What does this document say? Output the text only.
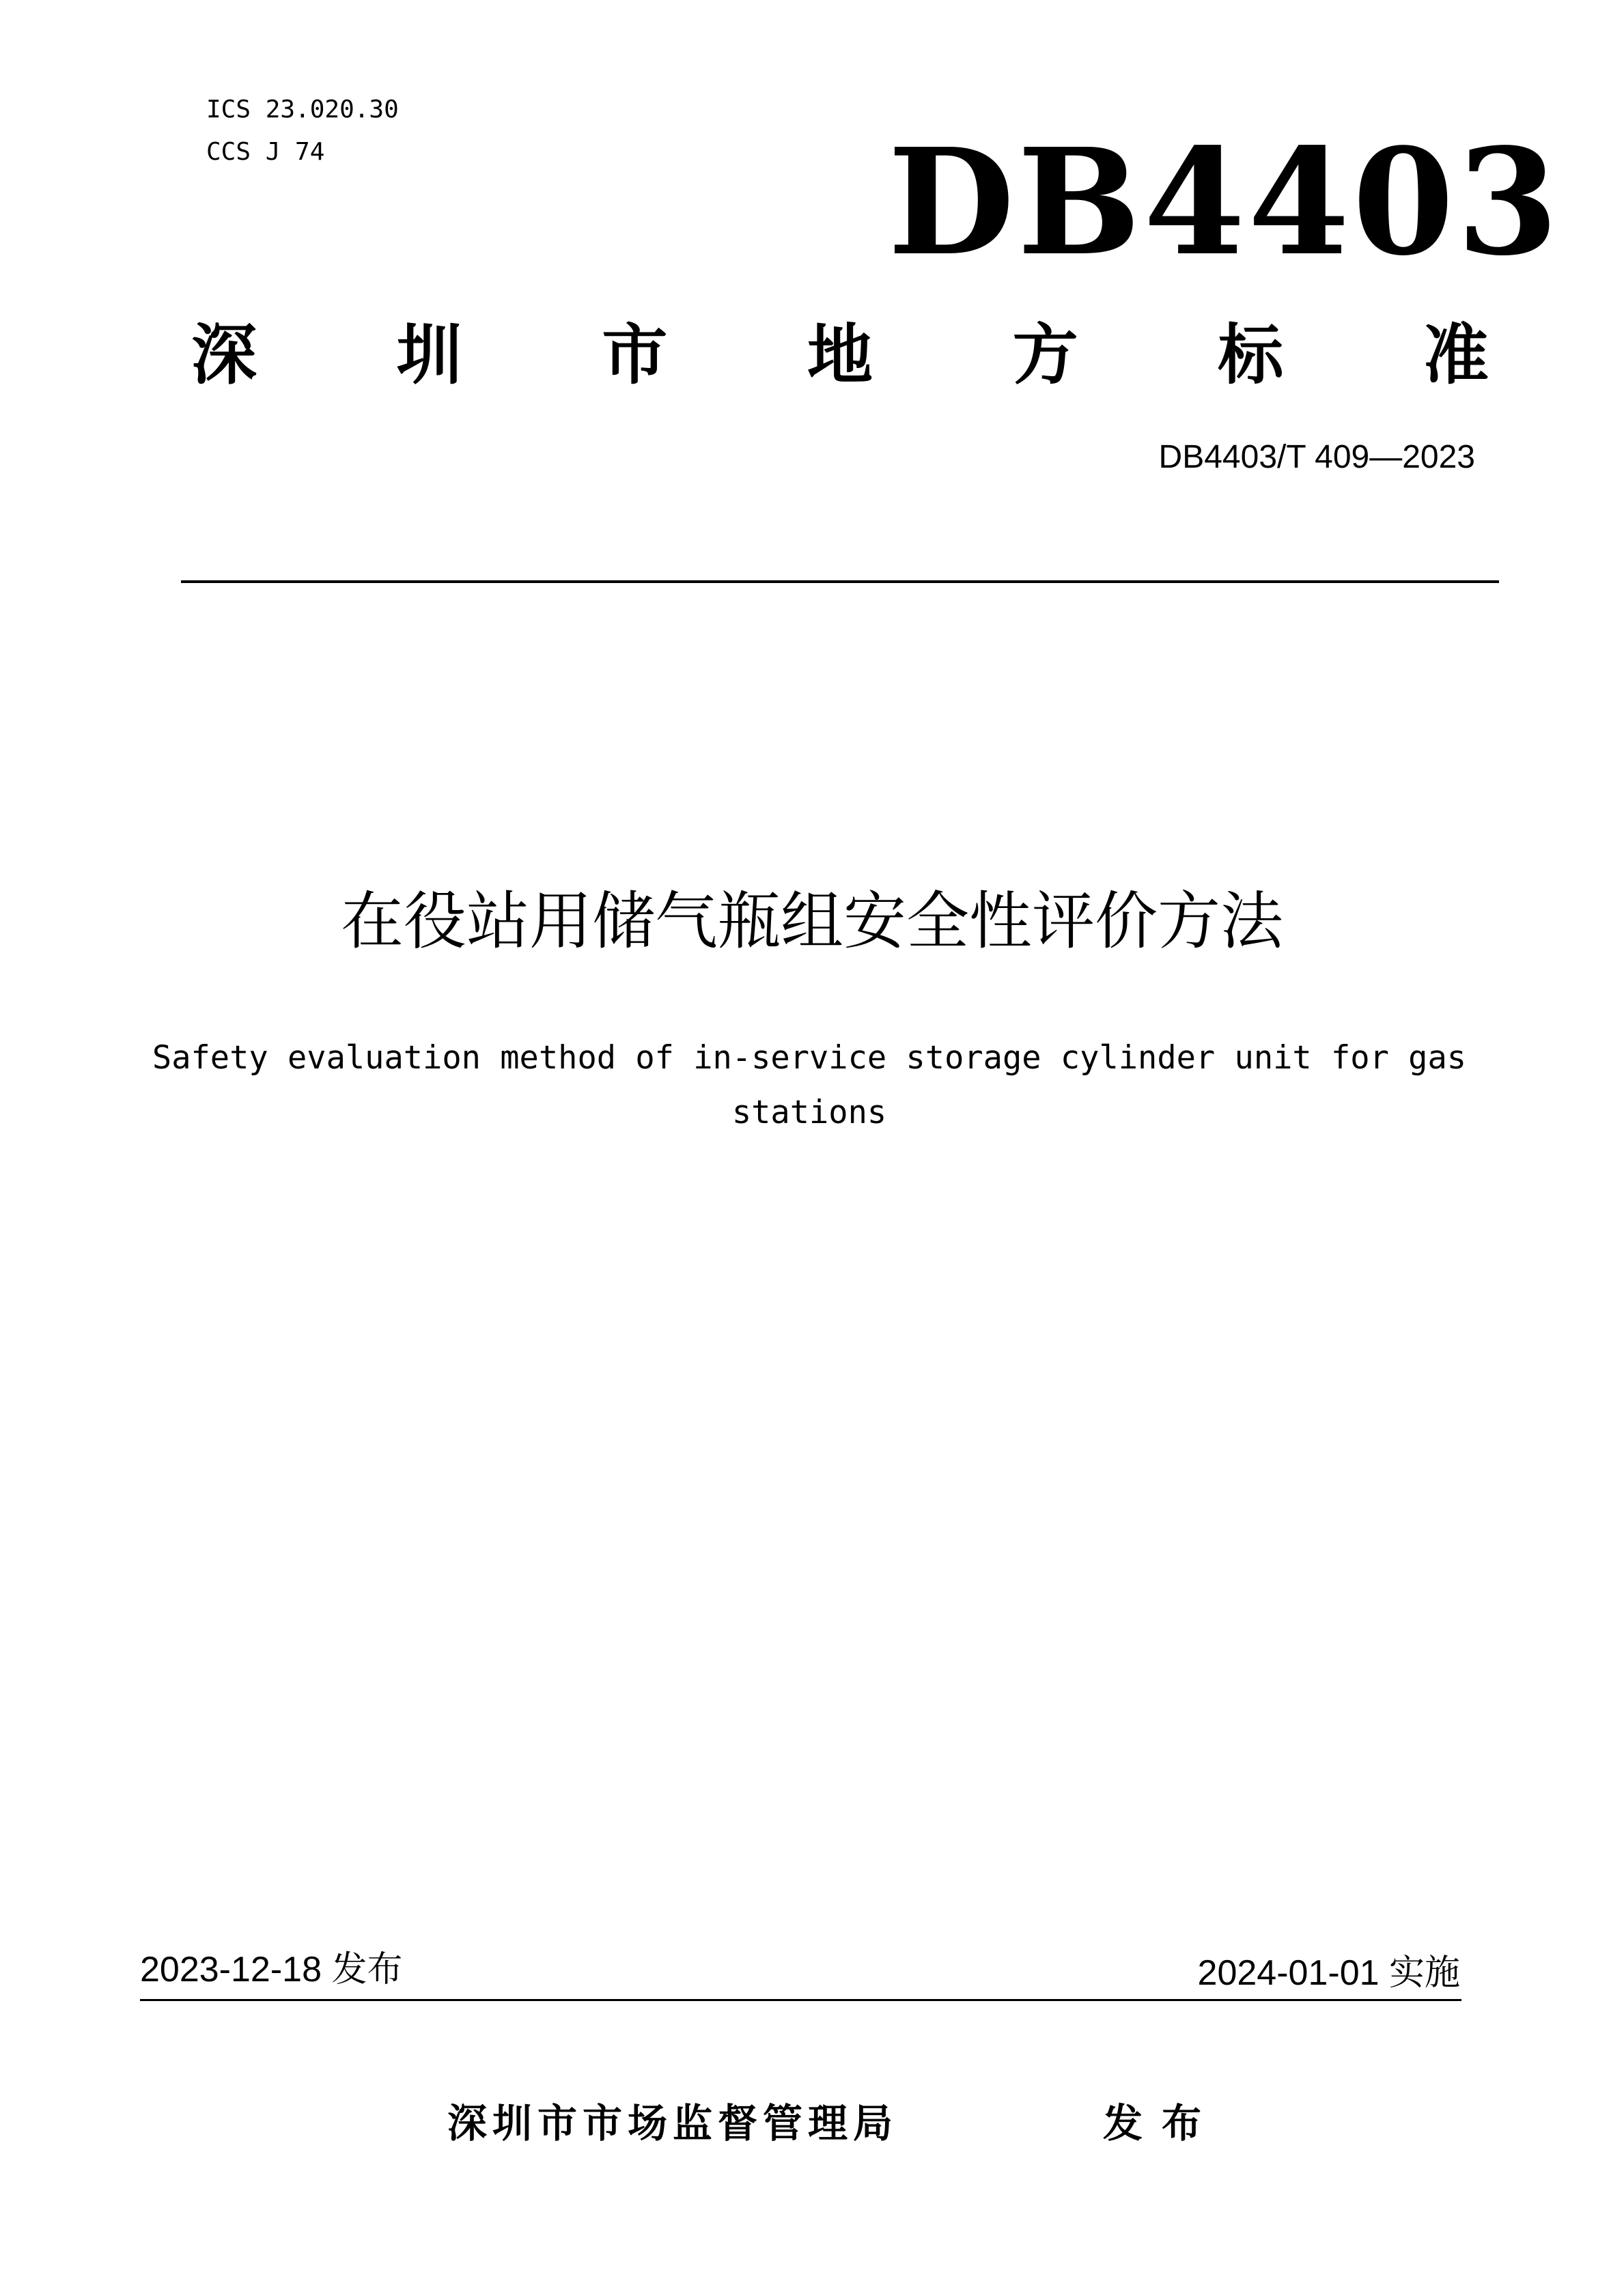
ICS 23.020.30
CCS J 74	DB4403
深 圳 市 地 方 标 准
DB4403/T 409—2023
在役站用储气瓶组安全性评价方法
Safety evaluation method of in-service storage cylinder unit for gas stations
2023-12-18 发布	2024-01-01 实施
深圳市市场监督管理局	发布
